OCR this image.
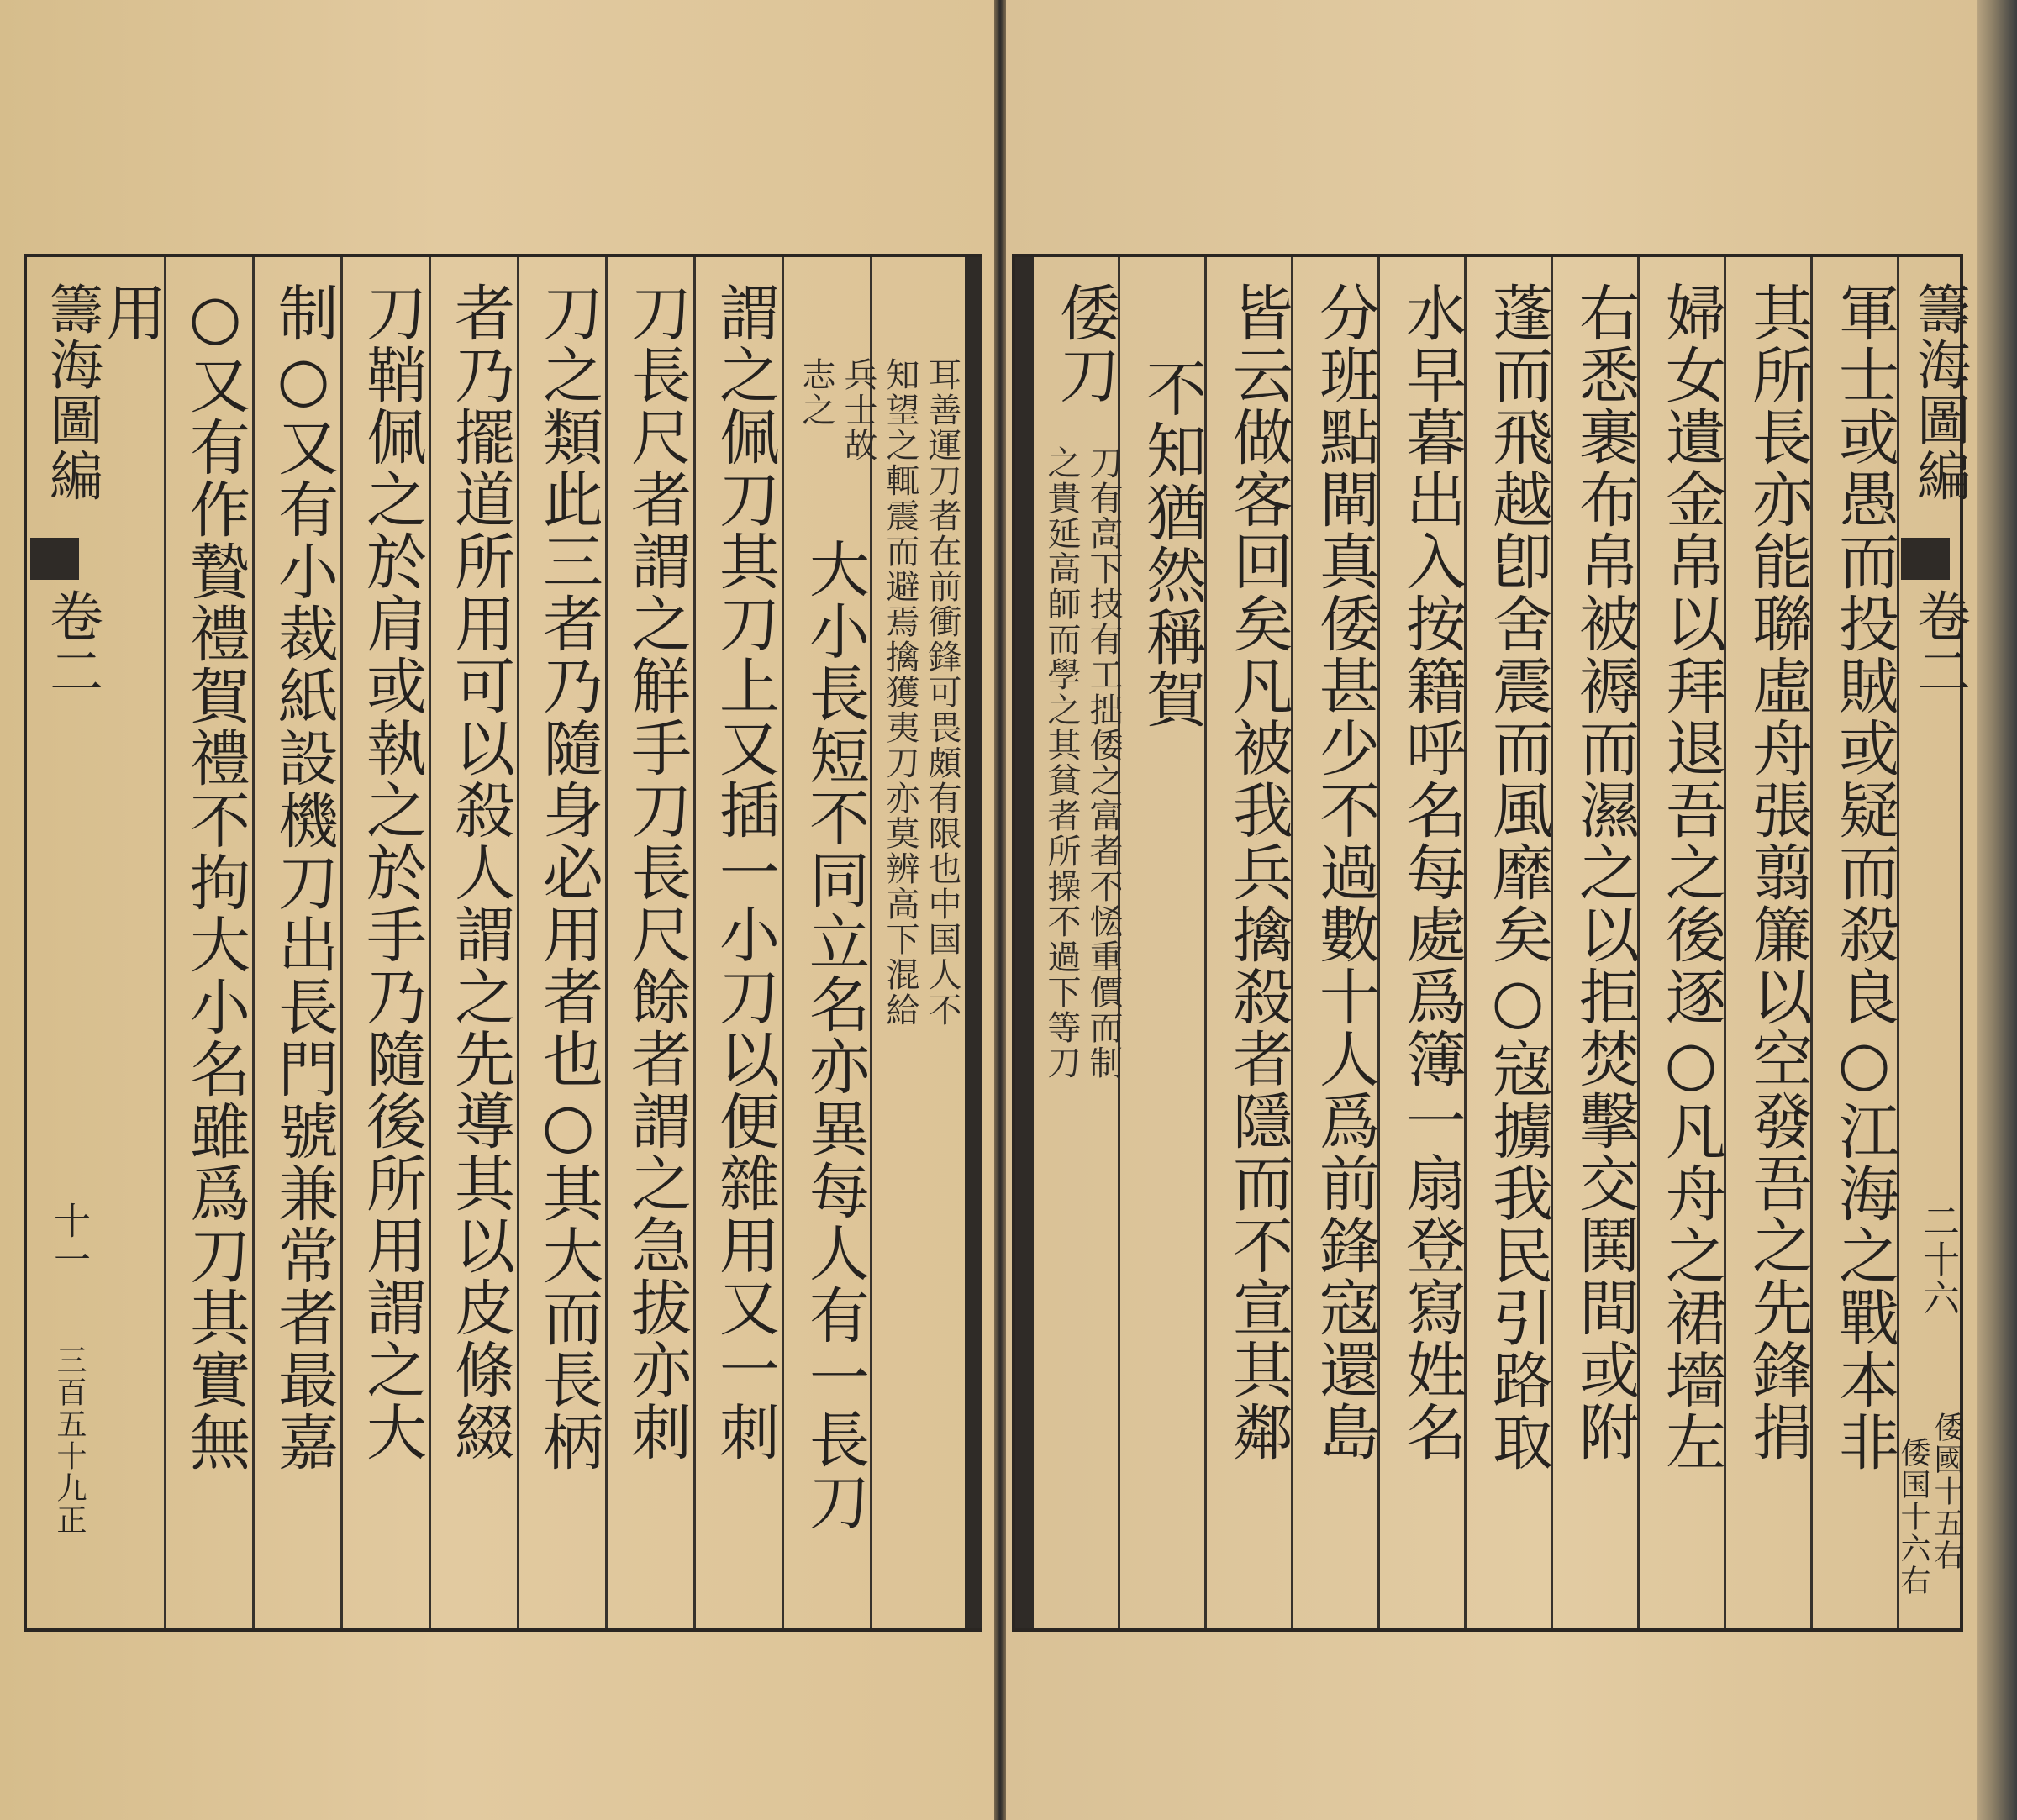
籌海圖編
卷二
十一
三百五十九正
耳善運刀者在前衝鋒可畏頗有限也中国人不
知望之輒震而避焉擒獲夷刀亦莫辨高下混給
兵士故
志之
大小長短不同立名亦異每人有一長刀
謂之佩刀其刀上又插一小刀以便雜用又一刺
刀長尺者謂之觧手刀長尺餘者謂之急拔亦刺
刀之類此三者乃隨身必用者也○其大而長柄
者乃擺道所用可以殺人謂之先導其以皮條綴
刀鞘佩之於肩或執之於手乃隨後所用謂之大
制○又有小裁紙設機刀出長門號兼常者最嘉
○又有作贄禮賀禮不拘大小名雖爲刀其實無
用	籌海圖編
卷二
二十六
倭國十五右
倭国十六右
軍士或愚而投賊或疑而殺良○江海之戰本非
其所長亦能聯虛舟張翦簾以空發吾之先鋒捐
婦女遺金帛以拜退吾之後逐○凡舟之裙墻左
右悉裹布帛被褥而濕之以拒焚擊交鬨間或附
蓬而飛越卽舍震而風靡矣○寇擄我民引路取
水早暮出入按籍呼名每處爲簿一扇登寫姓名
分班點閘真倭甚少不過數十人爲前鋒寇還島
皆云做客回矣凡被我兵擒殺者隱而不宣其鄰
不知猶然稱賀
倭刀
刀有高下技有工拙倭之富者不恡重價而制
之貴延高師而學之其貧者所操不過下等刀
